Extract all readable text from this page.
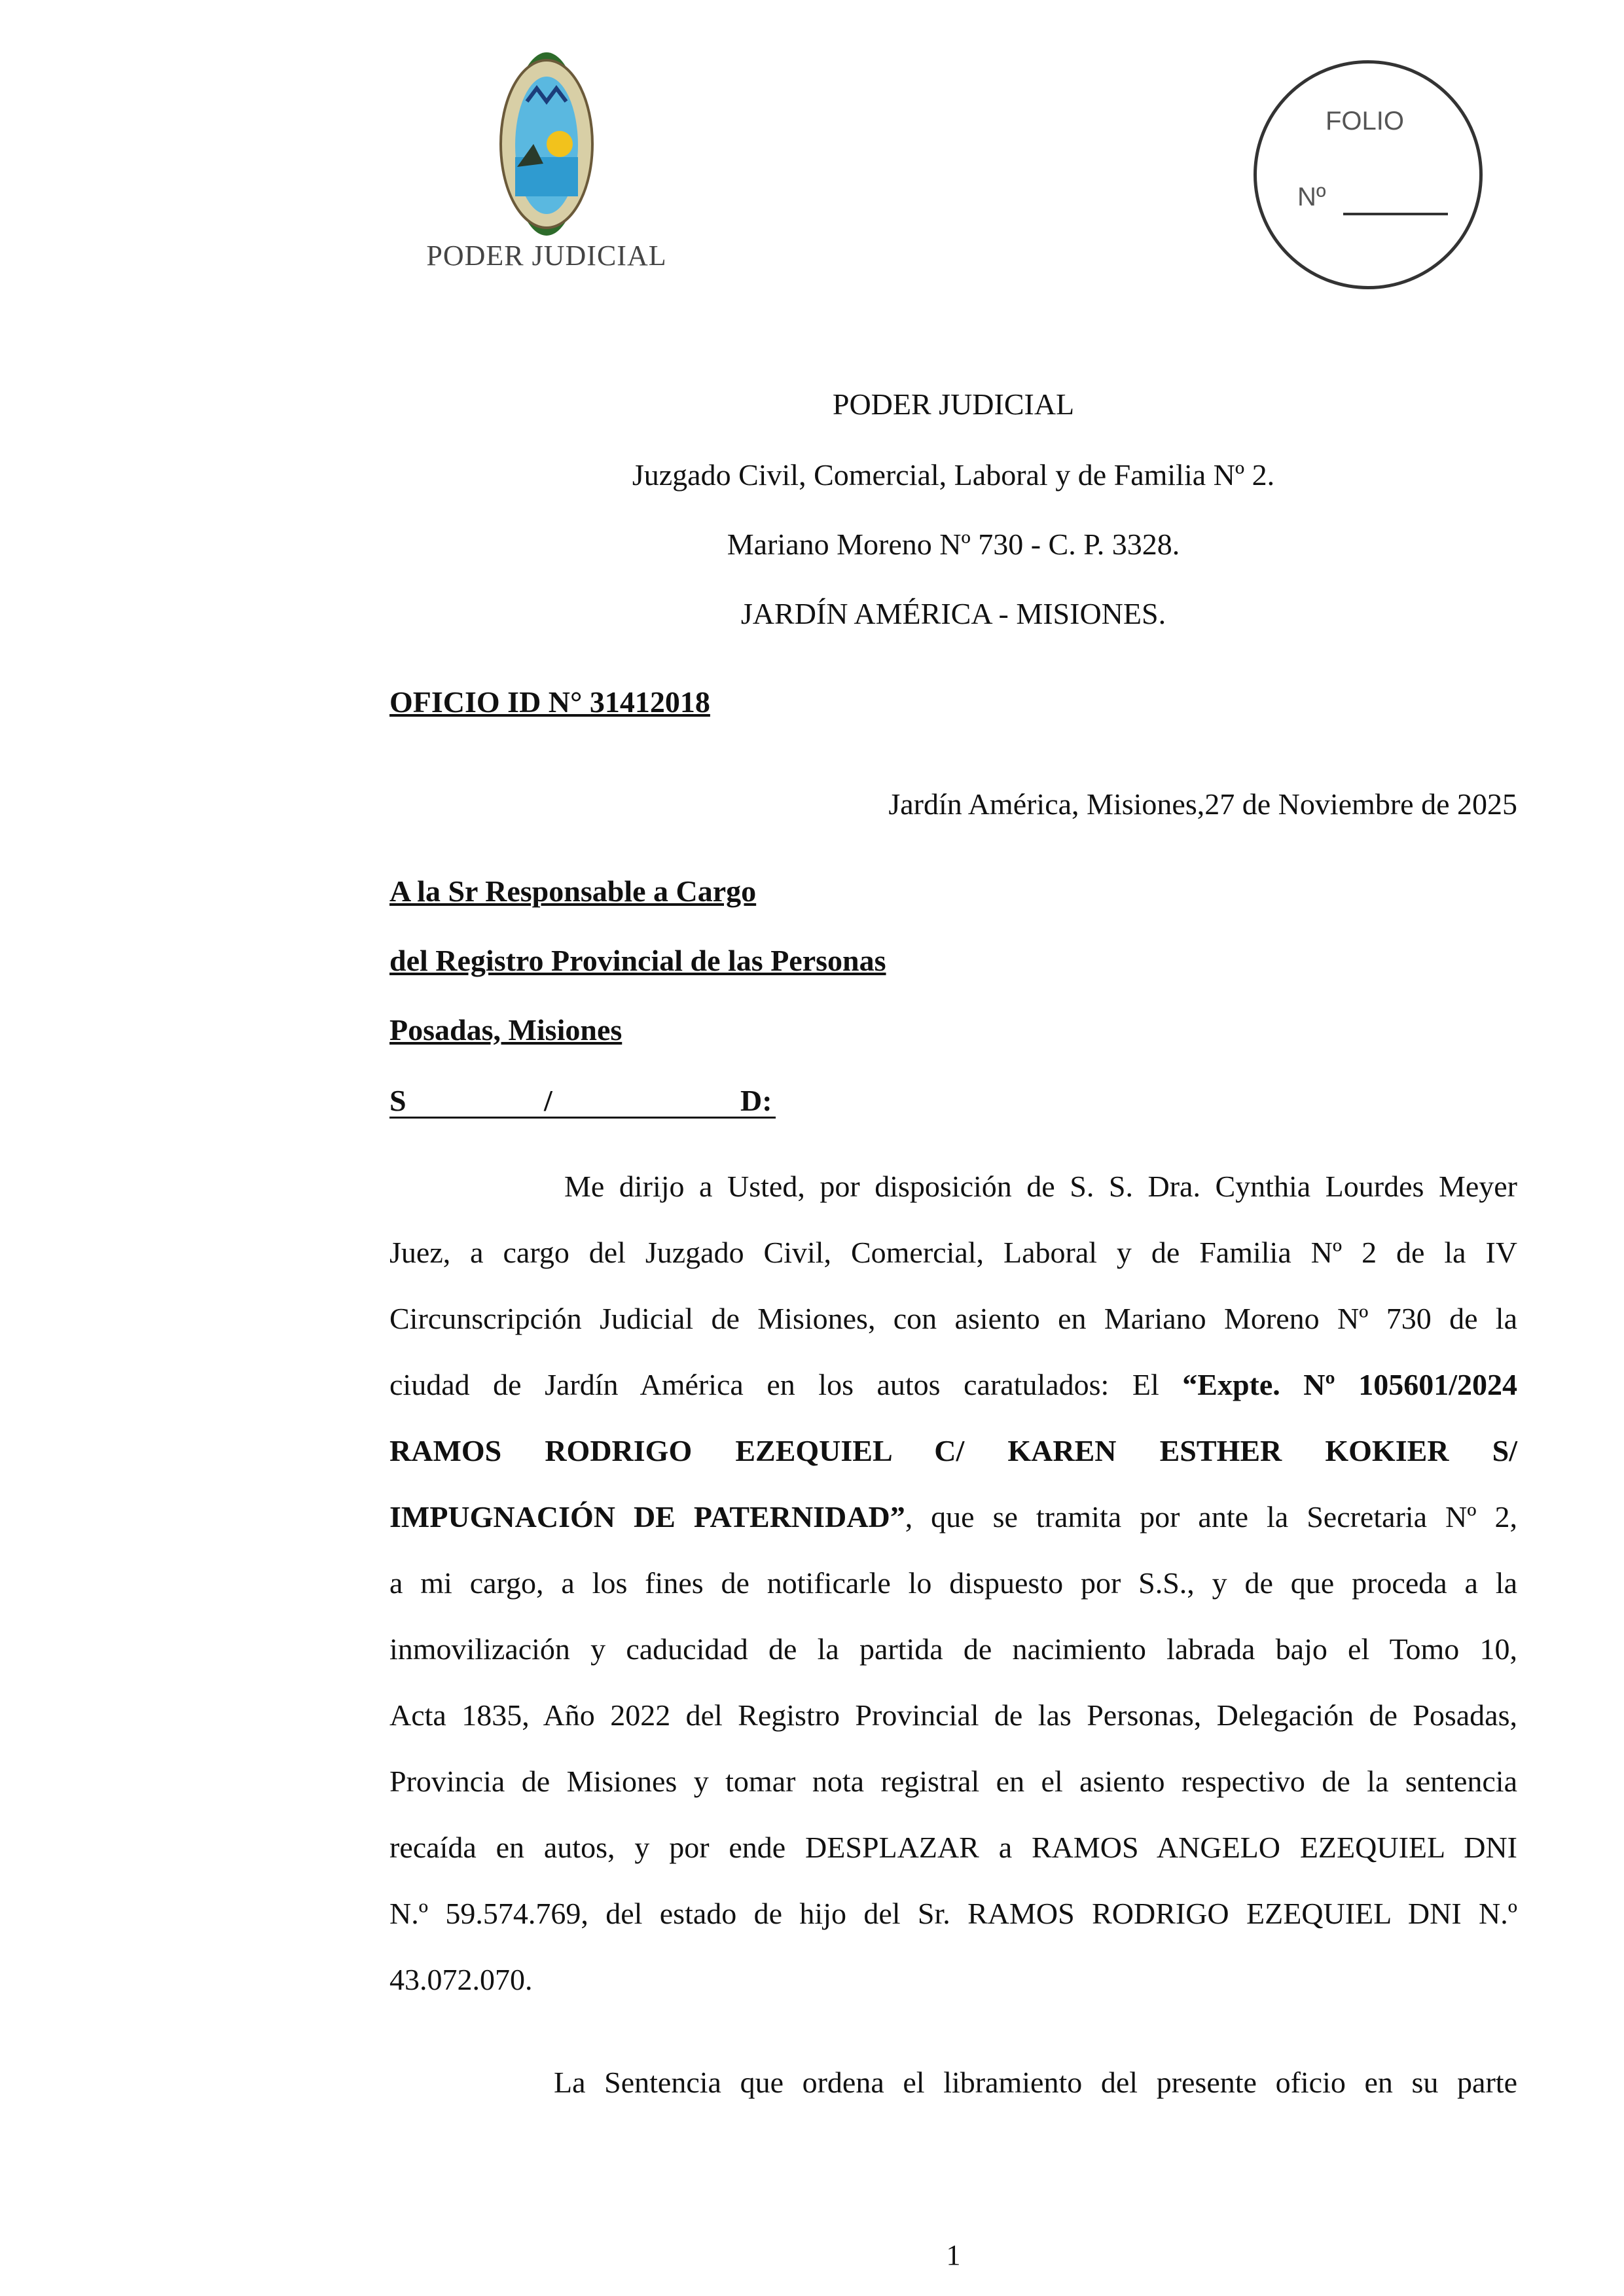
PODER JUDICIAL
FOLIO
Nº
PODER JUDICIAL
Juzgado Civil, Comercial, Laboral y de Familia Nº 2.
Mariano Moreno Nº 730 - C. P. 3328.
JARDÍN AMÉRICA - MISIONES.
OFICIO ID N° 31412018
Jardín América, Misiones,27 de Noviembre de 2025
A la Sr Responsable a Cargo
del Registro Provincial de las Personas
Posadas, Misiones
S	/	D:
Me dirijo a Usted, por disposición de S. S. Dra. Cynthia Lourdes Meyer
Juez, a cargo del Juzgado Civil, Comercial, Laboral y de Familia Nº 2 de la IV
Circunscripción Judicial de Misiones, con asiento en Mariano Moreno Nº 730 de la
ciudad de Jardín América en los autos caratulados: El “Expte. Nº 105601/2024
RAMOS RODRIGO EZEQUIEL C/ KAREN ESTHER KOKIER S/
IMPUGNACIÓN DE PATERNIDAD”, que se tramita por ante la Secretaria Nº 2,
a mi cargo, a los fines de notificarle lo dispuesto por S.S., y de que proceda a la
inmovilización y caducidad de la partida de nacimiento labrada bajo el Tomo 10,
Acta 1835, Año 2022 del Registro Provincial de las Personas, Delegación de Posadas,
Provincia de Misiones y tomar nota registral en el asiento respectivo de la sentencia
recaída en autos, y por ende DESPLAZAR a RAMOS ANGELO EZEQUIEL DNI
N.º 59.574.769, del estado de hijo del Sr. RAMOS RODRIGO EZEQUIEL DNI N.º
43.072.070.
La Sentencia que ordena el libramiento del presente oficio en su parte
1
